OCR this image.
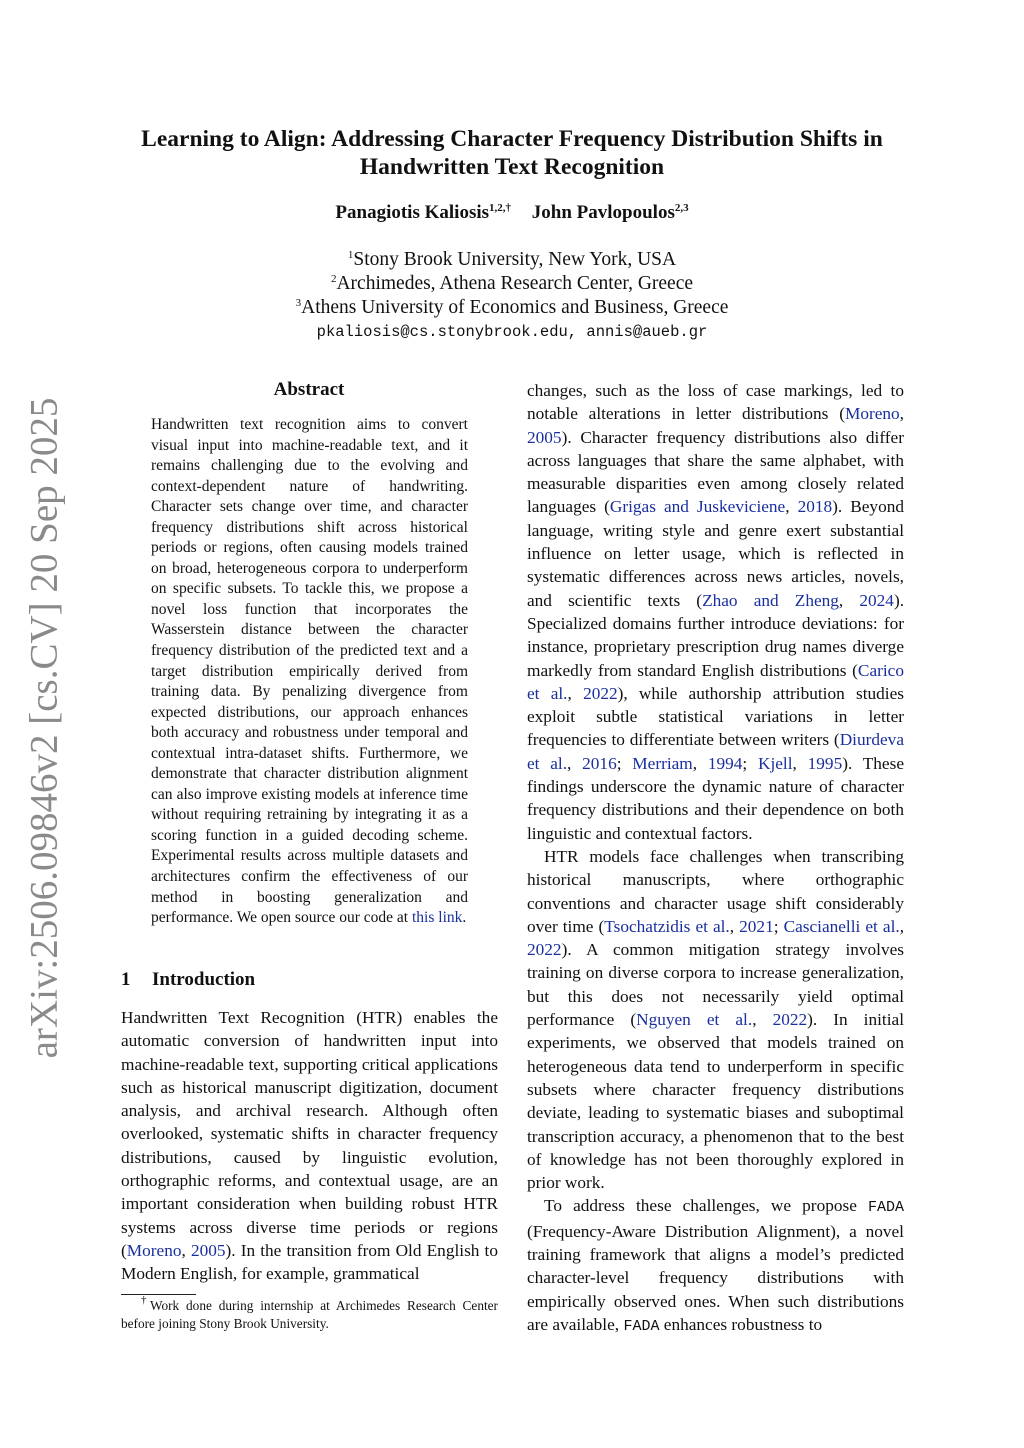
arXiv:2506.09846v2 [cs.CV] 20 Sep 2025
Learning to Align: Addressing Character Frequency Distribution Shifts in
Handwritten Text Recognition
Panagiotis Kaliosis$^{1,2,\dagger}$ John Pavlopoulos$^{2,3}$
$^1$Stony Brook University, New York, USA
$^2$Archimedes, Athena Research Center, Greece
$^3$Athens University of Economics and Business, Greece
pkaliosis@cs.stonybrook.edu, annis@aueb.gr
Abstract
Handwritten text recognition aims to convert visual input into machine-readable text, and it remains challenging due to the evolving and context-dependent nature of handwriting. Character sets change over time, and character frequency distributions shift across historical periods or regions, often causing models trained on broad, heterogeneous corpora to underperform on specific subsets. To tackle this, we propose a novel loss function that incorporates the Wasserstein distance between the character frequency distribution of the predicted text and a target distribution empirically derived from training data. By penalizing divergence from expected distributions, our approach enhances both accuracy and robustness under temporal and contextual intra-dataset shifts. Furthermore, we demonstrate that character distribution alignment can also improve existing models at inference time without requiring retraining by integrating it as a scoring function in a guided decoding scheme. Experimental results across multiple datasets and architectures confirm the effectiveness of our method in boosting generalization and performance. We open source our code at this link.
1 Introduction

Handwritten Text Recognition (HTR) enables the automatic conversion of handwritten input into machine-readable text, supporting critical applications such as historical manuscript digitization, document analysis, and archival research. Although often overlooked, systematic shifts in character frequency distributions, caused by linguistic evolution, orthographic reforms, and contextual usage, are an important consideration when building robust HTR systems across diverse time periods or regions (Moreno, 2005). In the transition from Old English to Modern English, for example, grammatical

†Work done during internship at Archimedes Research Center before joining Stony Brook University.

changes, such as the loss of case markings, led to notable alterations in letter distributions (Moreno, 2005). Character frequency distributions also differ across languages that share the same alphabet, with measurable disparities even among closely related languages (Grigas and Juskeviciene, 2018). Beyond language, writing style and genre exert substantial influence on letter usage, which is reflected in systematic differences across news articles, novels, and scientific texts (Zhao and Zheng, 2024). Specialized domains further introduce deviations: for instance, proprietary prescription drug names diverge markedly from standard English distributions (Carico et al., 2022), while authorship attribution studies exploit subtle statistical variations in letter frequencies to differentiate between writers (Diurdeva et al., 2016; Merriam, 1994; Kjell, 1995). These findings underscore the dynamic nature of character frequency distributions and their dependence on both linguistic and contextual factors.

HTR models face challenges when transcribing historical manuscripts, where orthographic conventions and character usage shift considerably over time (Tsochatzidis et al., 2021; Cascianelli et al., 2022). A common mitigation strategy involves training on diverse corpora to increase generalization, but this does not necessarily yield optimal performance (Nguyen et al., 2022). In initial experiments, we observed that models trained on heterogeneous data tend to underperform in specific subsets where character frequency distributions deviate, leading to systematic biases and suboptimal transcription accuracy, a phenomenon that to the best of knowledge has not been thoroughly explored in prior work.

To address these challenges, we propose FADA (Frequency-Aware Distribution Alignment), a novel training framework that aligns a model’s predicted character-level frequency distributions with empirically observed ones. When such distributions are available, FADA enhances robustness to
